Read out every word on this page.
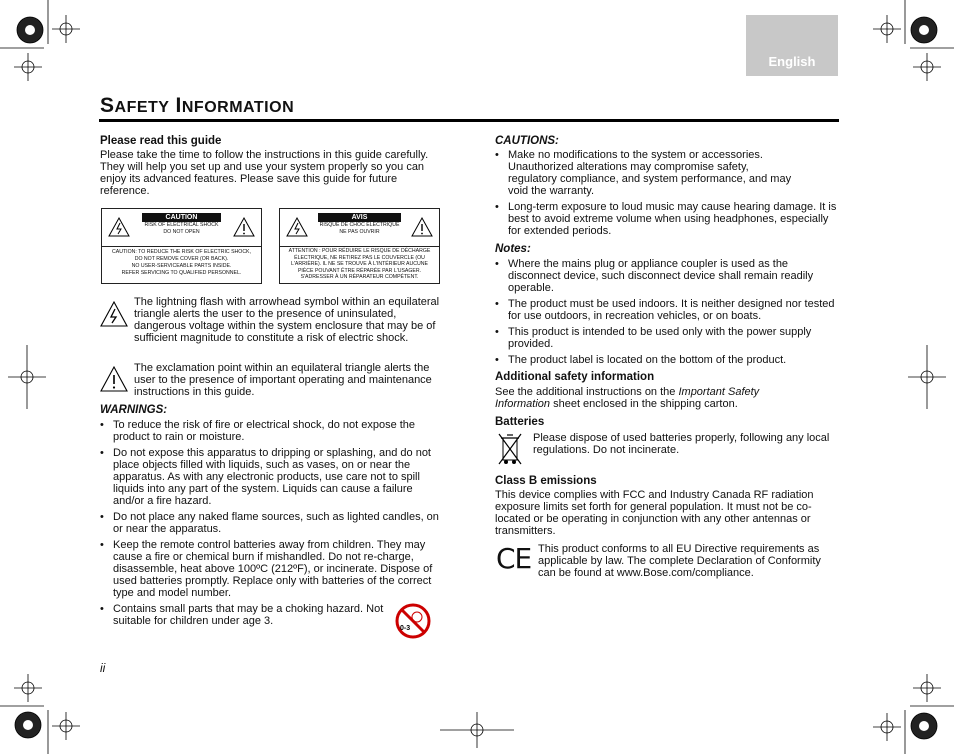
English
SAFETY INFORMATION
Please read this guide
Please take the time to follow the instructions in this guide carefully. They will help you set up and use your system properly so you can enjoy its advanced features. Please save this guide for future reference.
CAUTION
RISK OF ELECTRICAL SHOCK
DO NOT OPEN
CAUTION: TO REDUCE THE RISK OF ELECTRIC SHOCK,
DO NOT REMOVE COVER (OR BACK).
NO USER-SERVICEABLE PARTS INSIDE.
REFER SERVICING TO QUALIFIED PERSONNEL.
AVIS
RISQUE DE CHOC ÉLECTRIQUE
NE PAS OUVRIR
ATTENTION : POUR RÉDUIRE LE RISQUE DE DÉCHARGE
ÉLECTRIQUE, NE RETIREZ PAS LE COUVERCLE (OU
L'ARRIÈRE). IL NE SE TROUVE À L'INTÉRIEUR AUCUNE
PIÈCE POUVANT ÊTRE RÉPARÉE PAR L'USAGER.
S'ADRESSER À UN RÉPARATEUR COMPÉTENT.
The lightning flash with arrowhead symbol within an equilateral triangle alerts the user to the presence of uninsulated, dangerous voltage within the system enclosure that may be of sufficient magnitude to constitute a risk of electric shock.
The exclamation point within an equilateral triangle alerts the user to the presence of important operating and maintenance instructions in this guide.
WARNINGS:
• To reduce the risk of fire or electrical shock, do not expose the product to rain or moisture.
• Do not expose this apparatus to dripping or splashing, and do not place objects filled with liquids, such as vases, on or near the apparatus. As with any electronic products, use care not to spill liquids into any part of the system. Liquids can cause a failure and/or a fire hazard.
• Do not place any naked flame sources, such as lighted candles, on or near the apparatus.
• Keep the remote control batteries away from children. They may cause a fire or chemical burn if mishandled. Do not re-charge, disassemble, heat above 100ºC (212ºF), or incinerate. Dispose of used batteries promptly. Replace only with batteries of the correct type and model number.
• Contains small parts that may be a choking hazard. Not suitable for children under age 3.
0-3
ii
CAUTIONS:
• Make no modifications to the system or accessories. Unauthorized alterations may compromise safety, regulatory compliance, and system performance, and may void the warranty.
• Long-term exposure to loud music may cause hearing damage. It is best to avoid extreme volume when using headphones, especially for extended periods.
Notes:
• Where the mains plug or appliance coupler is used as the disconnect device, such disconnect device shall remain readily operable.
• The product must be used indoors. It is neither designed nor tested for use outdoors, in recreation vehicles, or on boats.
• This product is intended to be used only with the power supply provided.
• The product label is located on the bottom of the product.
Additional safety information
See the additional instructions on the Important Safety Information sheet enclosed in the shipping carton.
Batteries
Please dispose of used batteries properly, following any local regulations. Do not incinerate.
Class B emissions
This device complies with FCC and Industry Canada RF radiation exposure limits set forth for general population. It must not be co-located or be operating in conjunction with any other antennas or transmitters.
CE This product conforms to all EU Directive requirements as applicable by law. The complete Declaration of Conformity can be found at www.Bose.com/compliance.
